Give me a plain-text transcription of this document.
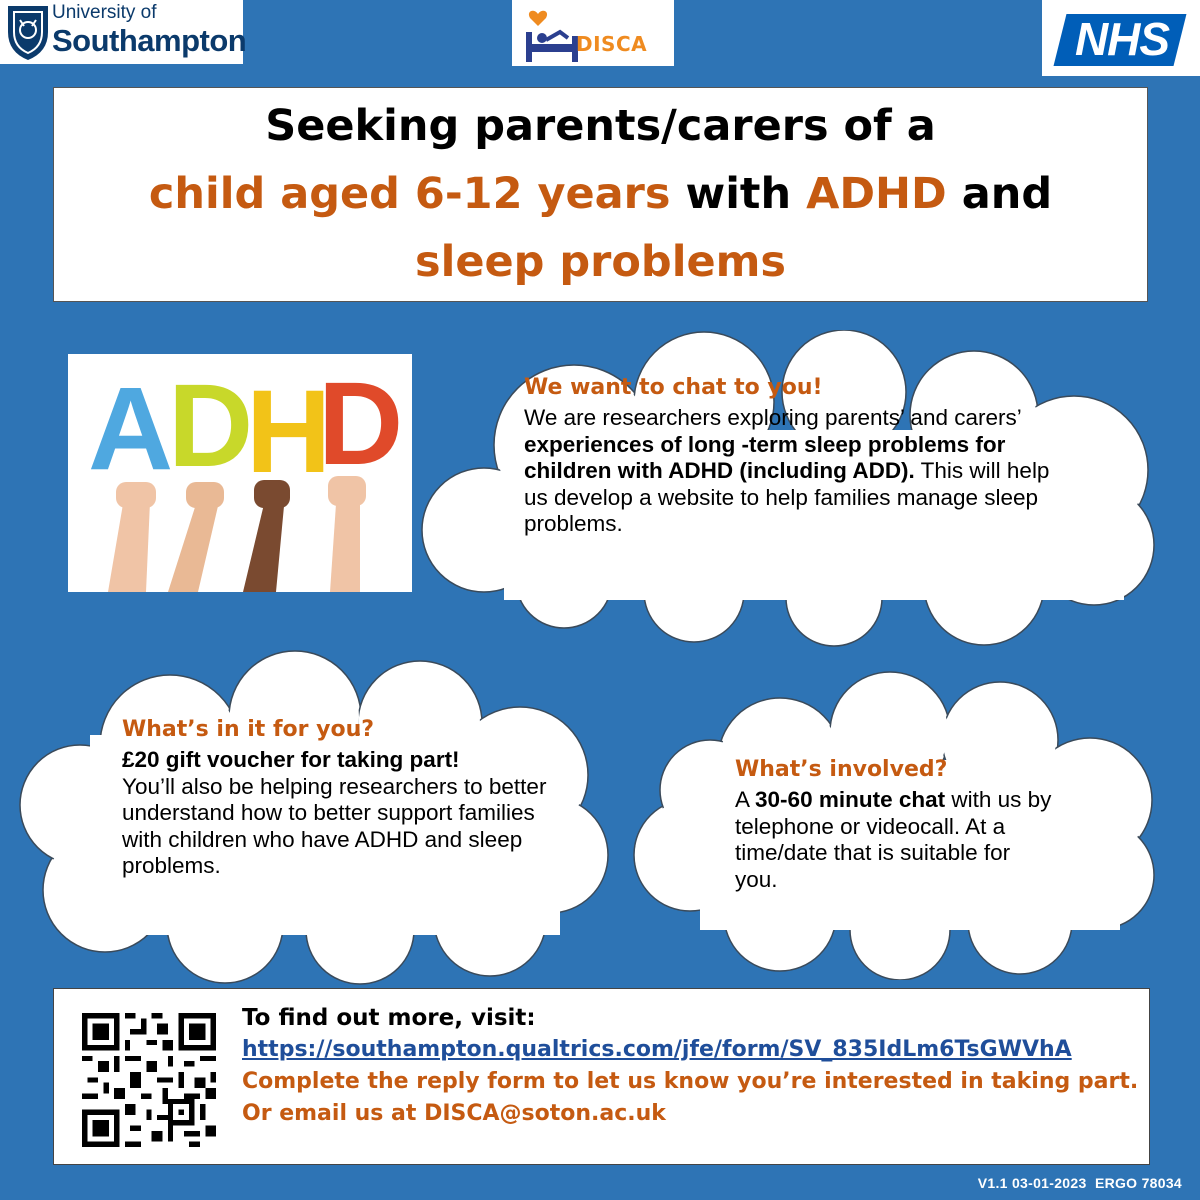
University of
Southampton	DISCA	NHS
Seeking parents/carers of a
child aged 6-12 years with ADHD and
sleep problems
A
D
H
D	We want to chat to you!
We are researchers exploring parents’ and carers’ experiences of long -term sleep problems for children with ADHD (including ADD). This will help us develop a website to help families manage sleep problems.
What’s in it for you?
£20 gift voucher for taking part!
You’ll also be helping researchers to better understand how to better support families with children who have ADHD and sleep problems.
What’s involved?
A 30-60 minute chat with us by telephone or videocall. At a time/date that is suitable for you.
To find out more, visit:
https://southampton.qualtrics.com/jfe/form/SV_835IdLm6TsGWVhA
Complete the reply form to let us know you’re interested in taking part. Or email us at DISCA@soton.ac.uk
V1.1 03-01-2023  ERGO 78034
